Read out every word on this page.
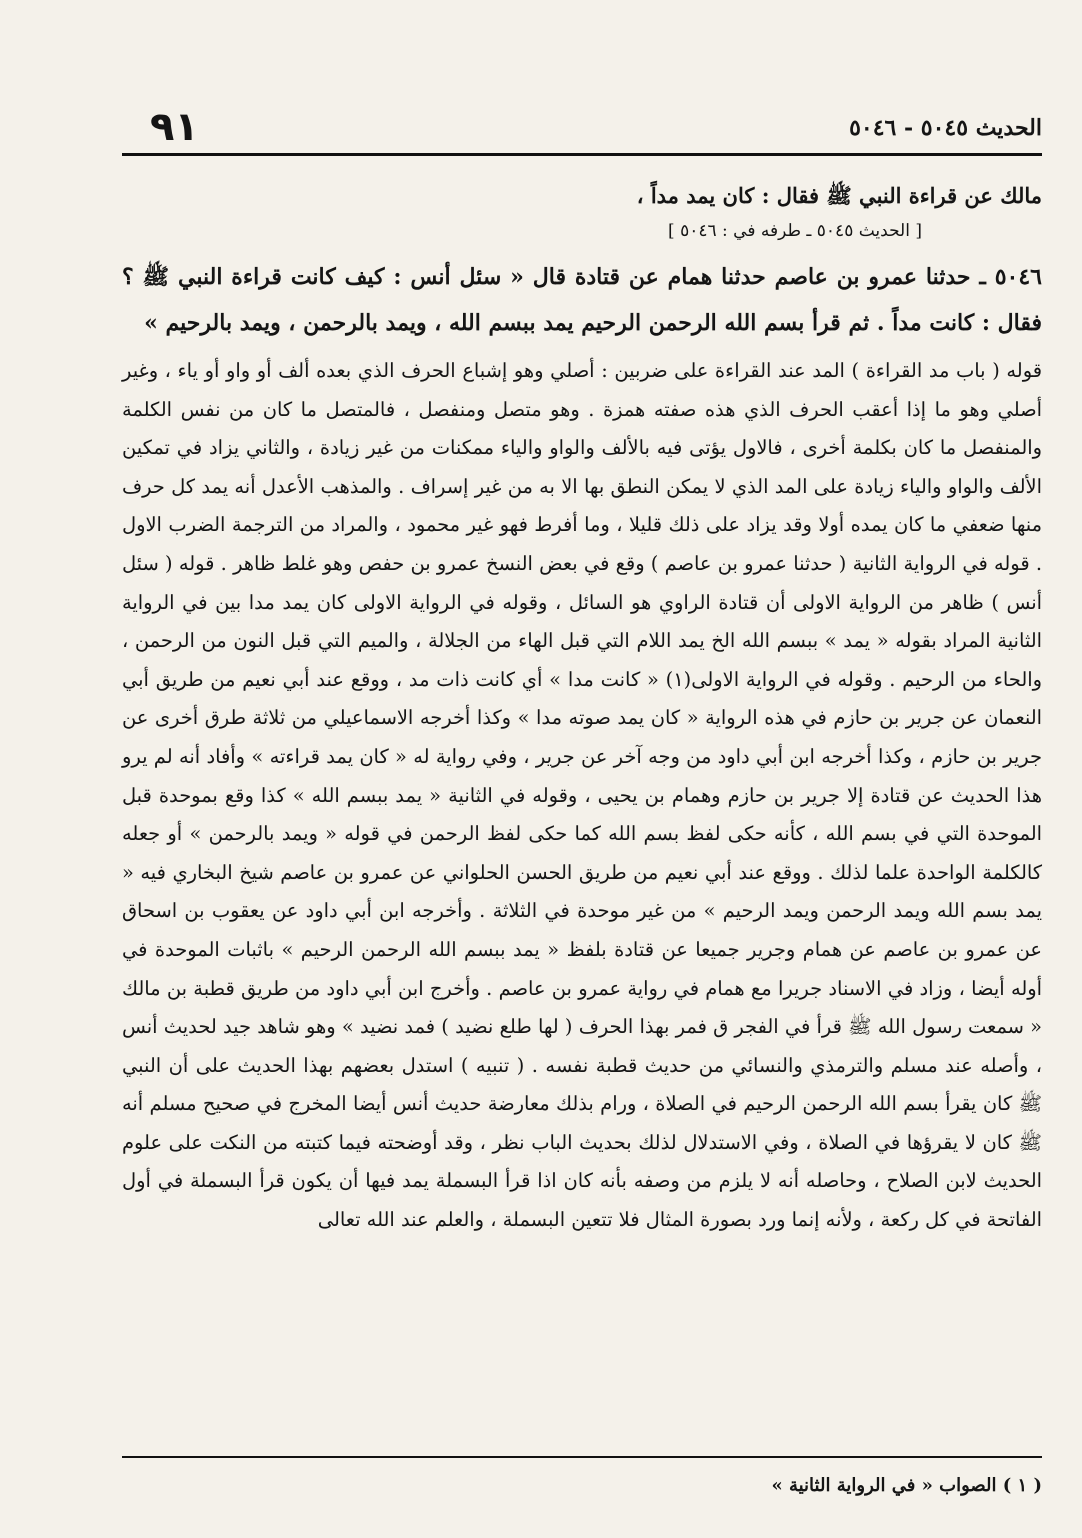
٩١	الحديث ٥٠٤٥ - ٥٠٤٦

مالك عن قراءة النبي ﷺ فقال : كان يمد مداً ،

[ الحديث ٥٠٤٥ ـ طرفه في : ٥٠٤٦ ]

٥٠٤٦ ـ حدثنا عمرو بن عاصم حدثنا همام عن قتادة قال « سئل أنس : كيف كانت قراءة النبي ﷺ ؟ فقال : كانت مداً . ثم قرأ بسم الله الرحمن الرحيم يمد ببسم الله ، ويمد بالرحمن ، ويمد بالرحيم »

قوله ( باب مد القراءة ) المد عند القراءة على ضربين : أصلي وهو إشباع الحرف الذي بعده ألف أو واو أو ياء ، وغير أصلي وهو ما إذا أعقب الحرف الذي هذه صفته همزة . وهو متصل ومنفصل ، فالمتصل ما كان من نفس الكلمة والمنفصل ما كان بكلمة أخرى ، فالاول يؤتى فيه بالألف والواو والياء ممكنات من غير زيادة ، والثاني يزاد في تمكين الألف والواو والياء زيادة على المد الذي لا يمكن النطق بها الا به من غير إسراف . والمذهب الأعدل أنه يمد كل حرف منها ضعفي ما كان يمده أولا وقد يزاد على ذلك قليلا ، وما أفرط فهو غير محمود ، والمراد من الترجمة الضرب الاول . قوله في الرواية الثانية ( حدثنا عمرو بن عاصم ) وقع في بعض النسخ عمرو بن حفص وهو غلط ظاهر . قوله ( سئل أنس ) ظاهر من الرواية الاولى أن قتادة الراوي هو السائل ، وقوله في الرواية الاولى كان يمد مدا بين في الرواية الثانية المراد بقوله « يمد » ببسم الله الخ يمد اللام التي قبل الهاء من الجلالة ، والميم التي قبل النون من الرحمن ، والحاء من الرحيم . وقوله في الرواية الاولى(١) « كانت مدا » أي كانت ذات مد ، ووقع عند أبي نعيم من طريق أبي النعمان عن جرير بن حازم في هذه الرواية « كان يمد صوته مدا » وكذا أخرجه الاسماعيلي من ثلاثة طرق أخرى عن جرير بن حازم ، وكذا أخرجه ابن أبي داود من وجه آخر عن جرير ، وفي رواية له « كان يمد قراءته » وأفاد أنه لم يرو هذا الحديث عن قتادة إلا جرير بن حازم وهمام بن يحيى ، وقوله في الثانية « يمد ببسم الله » كذا وقع بموحدة قبل الموحدة التي في بسم الله ، كأنه حكى لفظ بسم الله كما حكى لفظ الرحمن في قوله « ويمد بالرحمن » أو جعله كالكلمة الواحدة علما لذلك . ووقع عند أبي نعيم من طريق الحسن الحلواني عن عمرو بن عاصم شيخ البخاري فيه « يمد بسم الله ويمد الرحمن ويمد الرحيم » من غير موحدة في الثلاثة . وأخرجه ابن أبي داود عن يعقوب بن اسحاق عن عمرو بن عاصم عن همام وجرير جميعا عن قتادة بلفظ « يمد ببسم الله الرحمن الرحيم » باثبات الموحدة في أوله أيضا ، وزاد في الاسناد جريرا مع همام في رواية عمرو بن عاصم . وأخرج ابن أبي داود من طريق قطبة بن مالك « سمعت رسول الله ﷺ قرأ في الفجر ق فمر بهذا الحرف ( لها طلع نضيد ) فمد نضيد » وهو شاهد جيد لحديث أنس ، وأصله عند مسلم والترمذي والنسائي من حديث قطبة نفسه . ( تنبيه ) استدل بعضهم بهذا الحديث على أن النبي ﷺ كان يقرأ بسم الله الرحمن الرحيم في الصلاة ، ورام بذلك معارضة حديث أنس أيضا المخرج في صحيح مسلم أنه ﷺ كان لا يقرؤها في الصلاة ، وفي الاستدلال لذلك بحديث الباب نظر ، وقد أوضحته فيما كتبته من النكت على علوم الحديث لابن الصلاح ، وحاصله أنه لا يلزم من وصفه بأنه كان اذا قرأ البسملة يمد فيها أن يكون قرأ البسملة في أول الفاتحة في كل ركعة ، ولأنه إنما ورد بصورة المثال فلا تتعين البسملة ، والعلم عند الله تعالى

( ١ ) الصواب « في الرواية الثانية »
